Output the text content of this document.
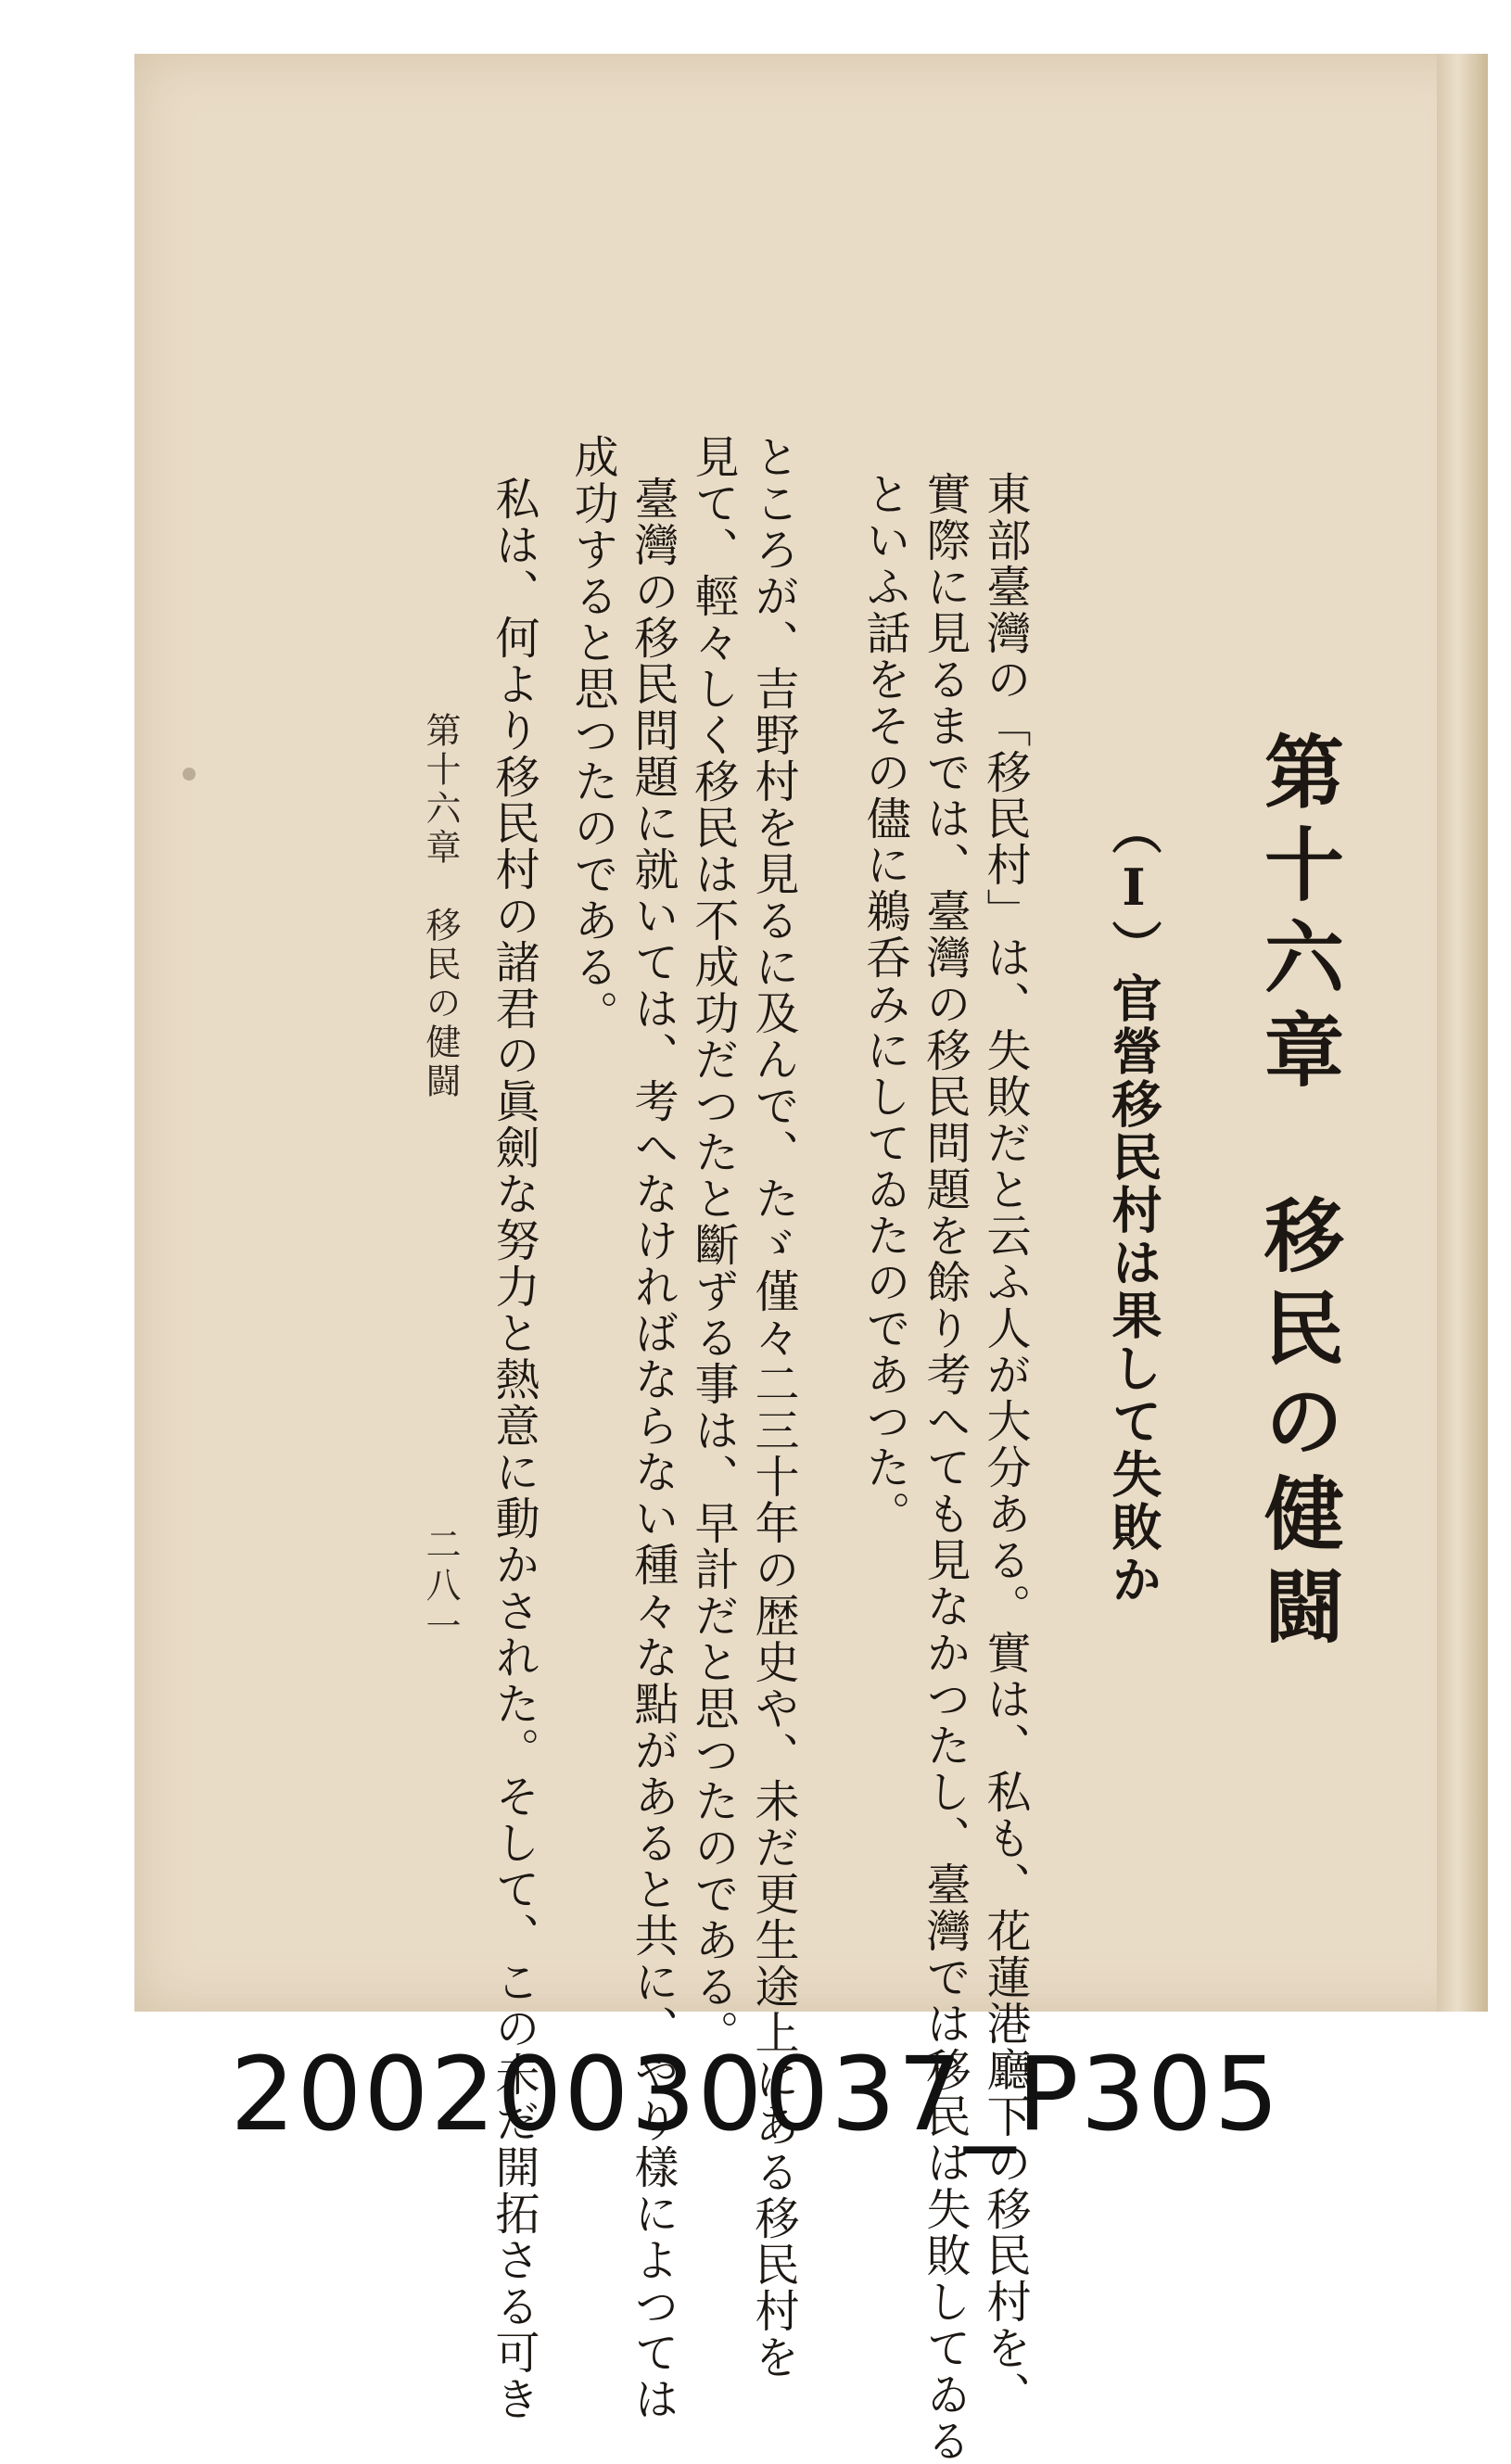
第十六章　移民の健闘
（Ⅰ）官營移民村は果して失敗か
東部臺灣の「移民村」は、失敗だと云ふ人が大分ある。實は、私も、花蓮港廳下の移民村を、
實際に見るまでは、臺灣の移民問題を餘り考へても見なかつたし、臺灣では移民は失敗してゐる
といふ話をその儘に鵜呑みにしてゐたのであつた。
ところが、吉野村を見るに及んで、たゞ僅々二三十年の歴史や、未だ更生途上にある移民村を
見て、輕々しく移民は不成功だつたと斷ずる事は、早計だと思つたのである。
臺灣の移民問題に就いては、考へなければならない種々な點があると共に、やり樣によつては
成功すると思つたのである。
私は、何より移民村の諸君の眞劍な努力と熱意に動かされた。そして、この未だ開拓さる可き
第十六章　移民の健闘
二八一
20020030037_P305
